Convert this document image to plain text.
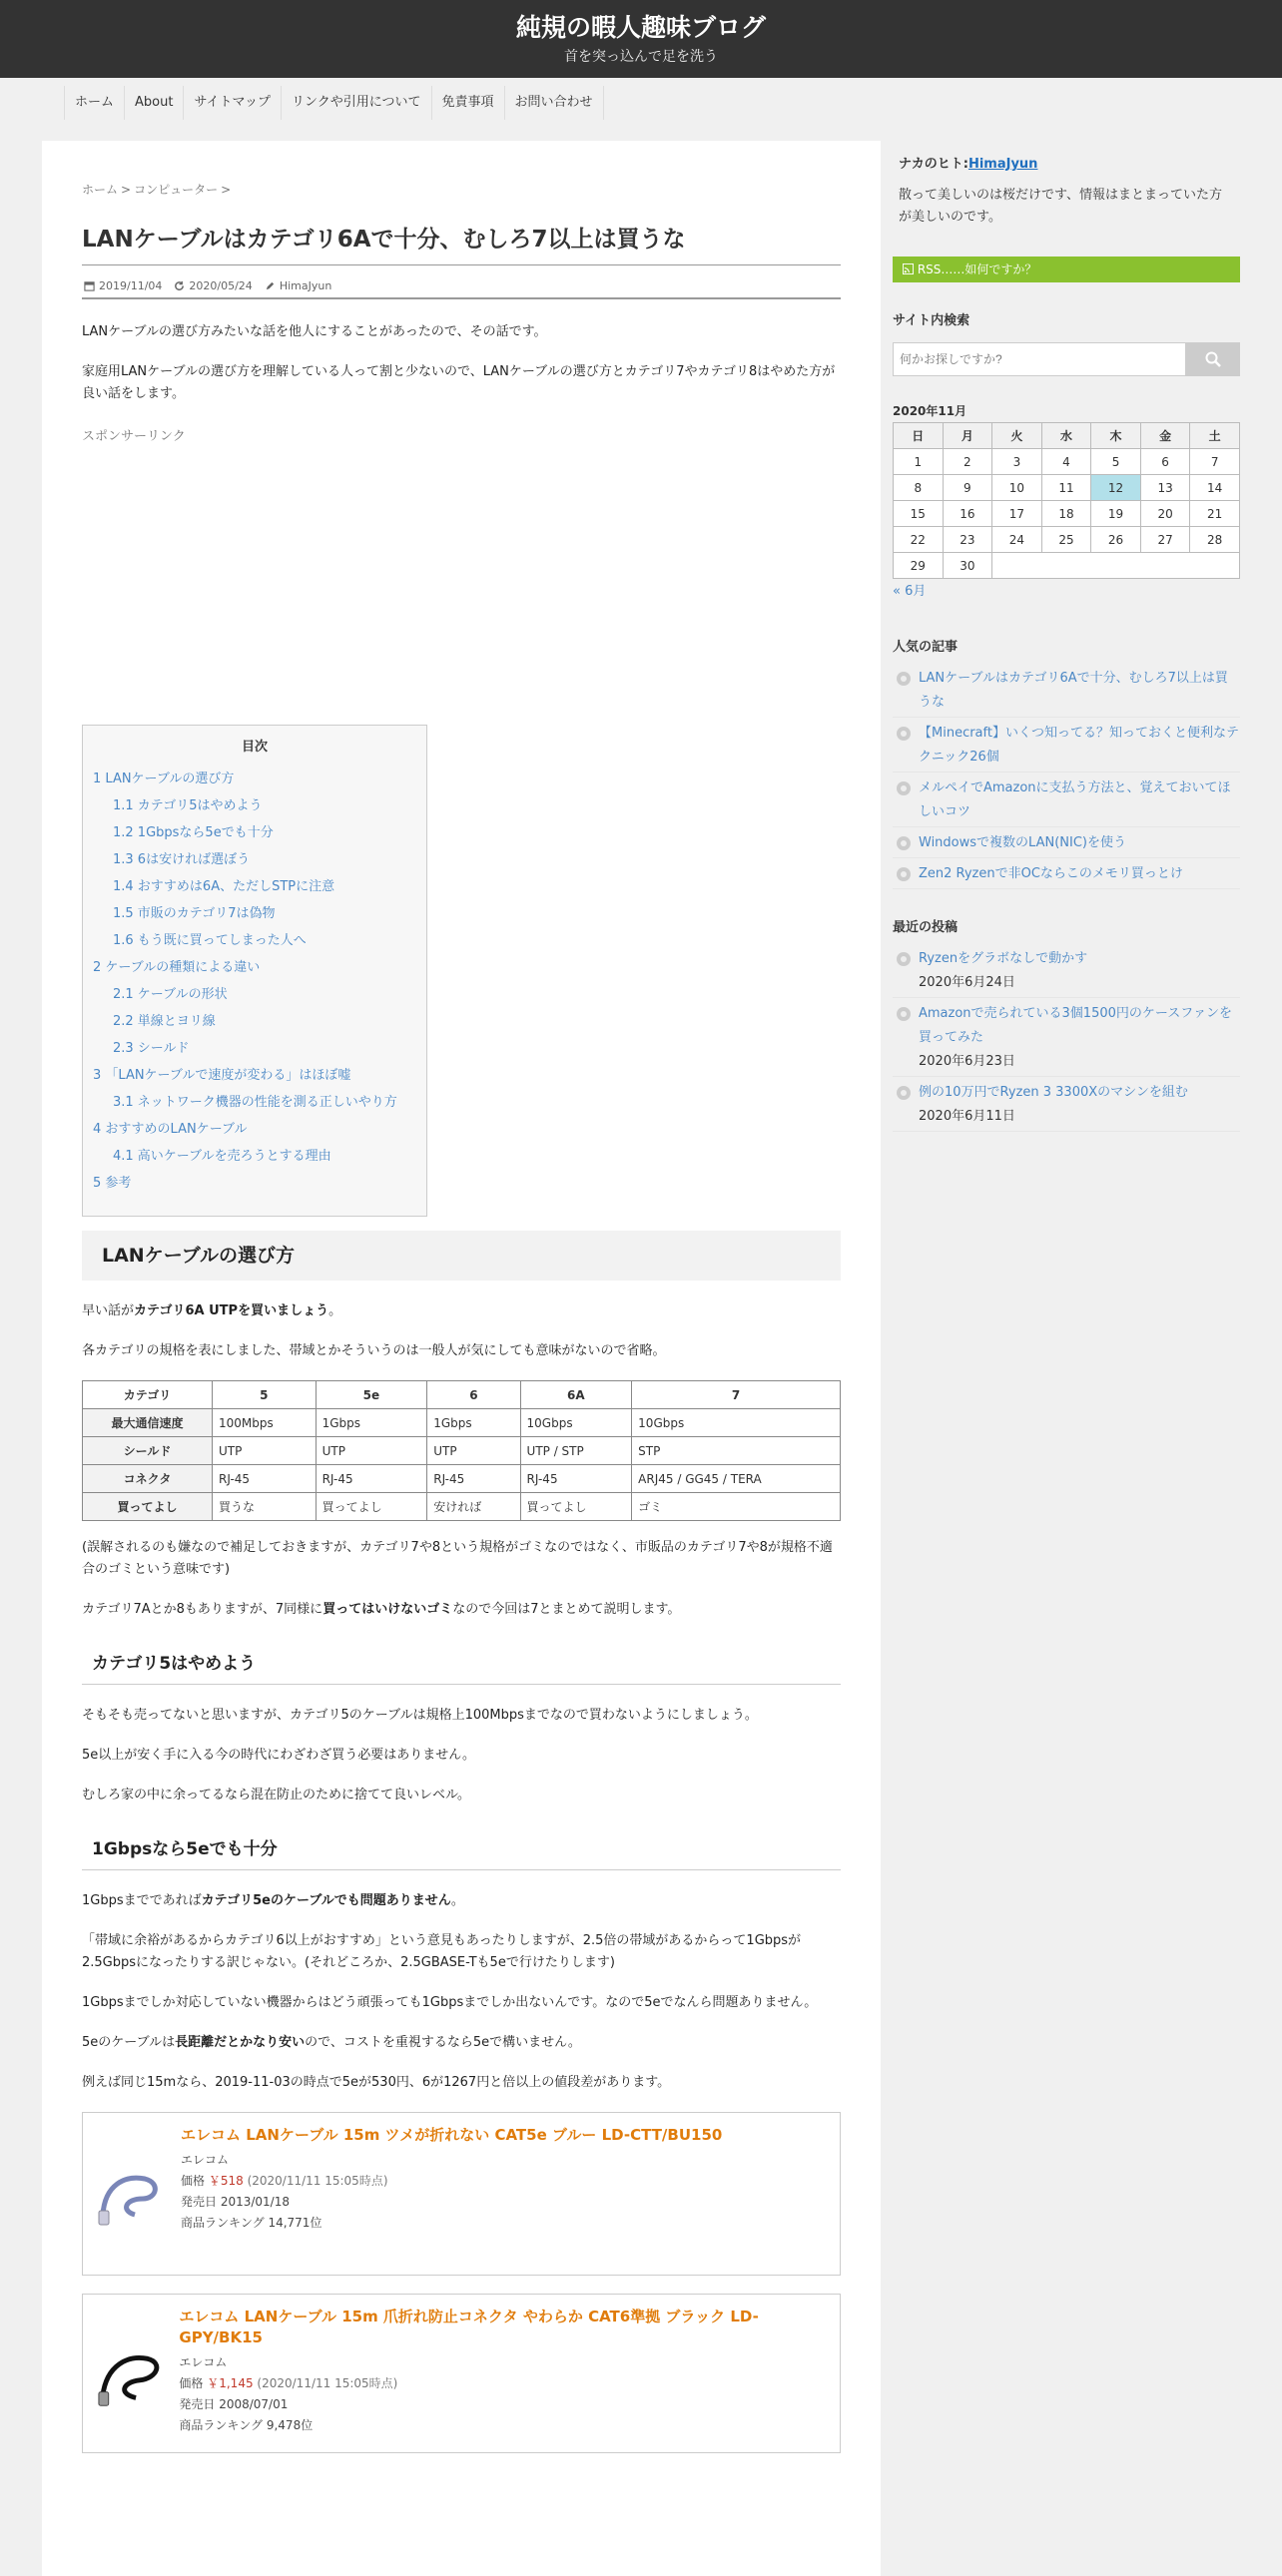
純規の暇人趣味ブログ
首を突っ込んで足を洗う
ホーム	About	サイトマップ	リンクや引用について	免責事項	お問い合わせ
ホーム > コンピューター >
LANケーブルはカテゴリ6Aで十分、むしろ7以上は買うな
2019/11/04 2020/05/24 HimaJyun

LANケーブルの選び方みたいな話を他人にすることがあったので、その話です。

家庭用LANケーブルの選び方を理解している人って割と少ないので、LANケーブルの選び方とカテゴリ7やカテゴリ8はやめた方が良い話をします。

スポンサーリンク
目次
1 LANケーブルの選び方
1.1 カテゴリ5はやめよう
1.2 1Gbpsなら5eでも十分
1.3 6は安ければ選ぼう
1.4 おすすめは6A、ただしSTPに注意
1.5 市販のカテゴリ7は偽物
1.6 もう既に買ってしまった人へ
2 ケーブルの種類による違い
2.1 ケーブルの形状
2.2 単線とヨリ線
2.3 シールド
3 「LANケーブルで速度が変わる」はほぼ嘘
3.1 ネットワーク機器の性能を測る正しいやり方
4 おすすめのLANケーブル
4.1 高いケーブルを売ろうとする理由
5 参考
LANケーブルの選び方

早い話がカテゴリ6A UTPを買いましょう。

各カテゴリの規格を表にしました、帯域とかそういうのは一般人が気にしても意味がないので省略。

カテゴリ	5	5e	6	6A	7
最大通信速度	100Mbps	1Gbps	1Gbps	10Gbps	10Gbps
シールド	UTP	UTP	UTP	UTP / STP	STP
コネクタ	RJ-45	RJ-45	RJ-45	RJ-45	ARJ45 / GG45 / TERA
買ってよし	買うな	買ってよし	安ければ	買ってよし	ゴミ

(誤解されるのも嫌なので補足しておきますが、カテゴリ7や8という規格がゴミなのではなく、市販品のカテゴリ7や8が規格不適合のゴミという意味です)

カテゴリ7Aとか8もありますが、7同様に買ってはいけないゴミなので今回は7とまとめて説明します。

カテゴリ5はやめよう

そもそも売ってないと思いますが、カテゴリ5のケーブルは規格上100Mbpsまでなので買わないようにしましょう。

5e以上が安く手に入る今の時代にわざわざ買う必要はありません。

むしろ家の中に余ってるなら混在防止のために捨てて良いレベル。

1Gbpsなら5eでも十分

1Gbpsまでであればカテゴリ5eのケーブルでも問題ありません。

「帯域に余裕があるからカテゴリ6以上がおすすめ」という意見もあったりしますが、2.5倍の帯域があるからって1Gbpsが2.5Gbpsになったりする訳じゃない。(それどころか、2.5GBASE-Tも5eで行けたりします)

1Gbpsまでしか対応していない機器からはどう頑張っても1Gbpsまでしか出ないんです。なので5eでなんら問題ありません。

5eのケーブルは長距離だとかなり安いので、コストを重視するなら5eで構いません。

例えば同じ15mなら、2019-11-03の時点で5eが530円、6が1267円と倍以上の値段差があります。

エレコム LANケーブル 15m ツメが折れない CAT5e ブルー LD-CTT/BU150
エレコム
価格 ￥518 (2020/11/11 15:05時点)
発売日 2013/01/18
商品ランキング 14,771位
エレコム LANケーブル 15m 爪折れ防止コネクタ やわらか CAT6準拠 ブラック LD-GPY/BK15
エレコム
価格 ￥1,145 (2020/11/11 15:05時点)
発売日 2008/07/01
商品ランキング 9,478位
ナカのヒト:HimaJyun
散って美しいのは桜だけです、情報はまとまっていた方が美しいのです。
RSS……如何ですか？
サイト内検索
何かお探しですか?
2020年11月
日	月	火	水	木	金	土
1	2	3	4	5	6	7
8	9	10	11	12	13	14
15	16	17	18	19	20	21
22	23	24	25	26	27	28
29	30					
« 6月
人気の記事
LANケーブルはカテゴリ6Aで十分、むしろ7以上は買うな
【Minecraft】いくつ知ってる？知っておくと便利なテクニック26個
メルペイでAmazonに支払う方法と、覚えておいてほしいコツ
Windowsで複数のLAN(NIC)を使う
Zen2 Ryzenで非OCならこのメモリ買っとけ
最近の投稿
Ryzenをグラボなしで動かす
2020年6月24日
Amazonで売られている3個1500円のケースファンを買ってみた
2020年6月23日
例の10万円でRyzen 3 3300Xのマシンを組む
2020年6月11日
